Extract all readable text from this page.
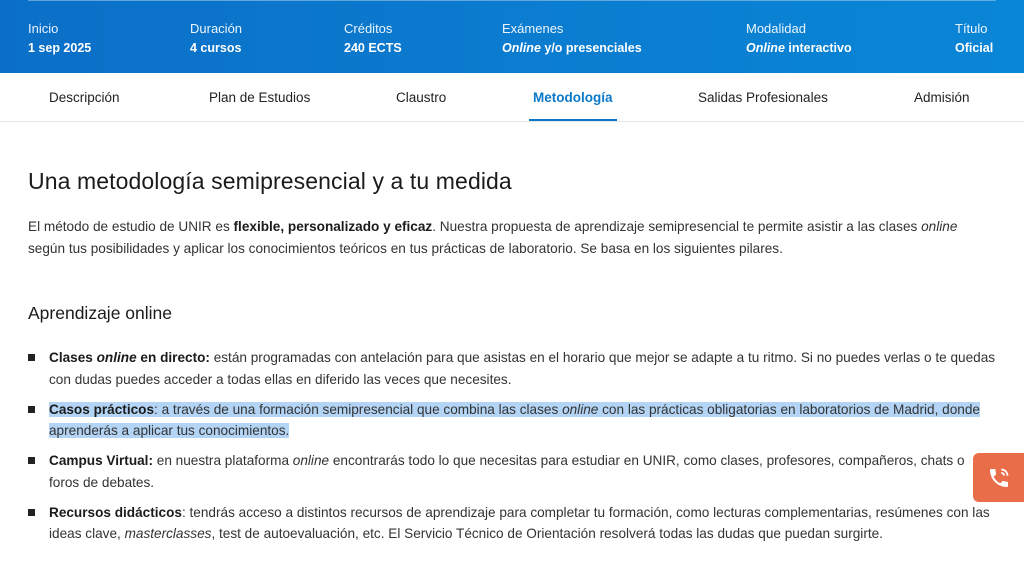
Inicio
1 sep 2025
Duración
4 cursos
Créditos
240 ECTS
Exámenes
Online y/o presenciales
Modalidad
Online interactivo
Título
Oficial
Descripción	Plan de Estudios	Claustro	Metodología	Salidas Profesionales	Admisión
Una metodología semipresencial y a tu medida

El método de estudio de UNIR es flexible, personalizado y eficaz. Nuestra propuesta de aprendizaje semipresencial te permite asistir a las clases online según tus posibilidades y aplicar los conocimientos teóricos en tus prácticas de laboratorio. Se basa en los siguientes pilares.

Aprendizaje online
Clases online en directo: están programadas con antelación para que asistas en el horario que mejor se adapte a tu ritmo. Si no puedes verlas o te quedas con dudas puedes acceder a todas ellas en diferido las veces que necesites.
Casos prácticos: a través de una formación semipresencial que combina las clases online con las prácticas obligatorias en laboratorios de Madrid, donde aprenderás a aplicar tus conocimientos.
Campus Virtual: en nuestra plataforma online encontrarás todo lo que necesitas para estudiar en UNIR, como clases, profesores, compañeros, chats o foros de debates.
Recursos didácticos: tendrás acceso a distintos recursos de aprendizaje para completar tu formación, como lecturas complementarias, resúmenes con las ideas clave, masterclasses, test de autoevaluación, etc. El Servicio Técnico de Orientación resolverá todas las dudas que puedan surgirte.
